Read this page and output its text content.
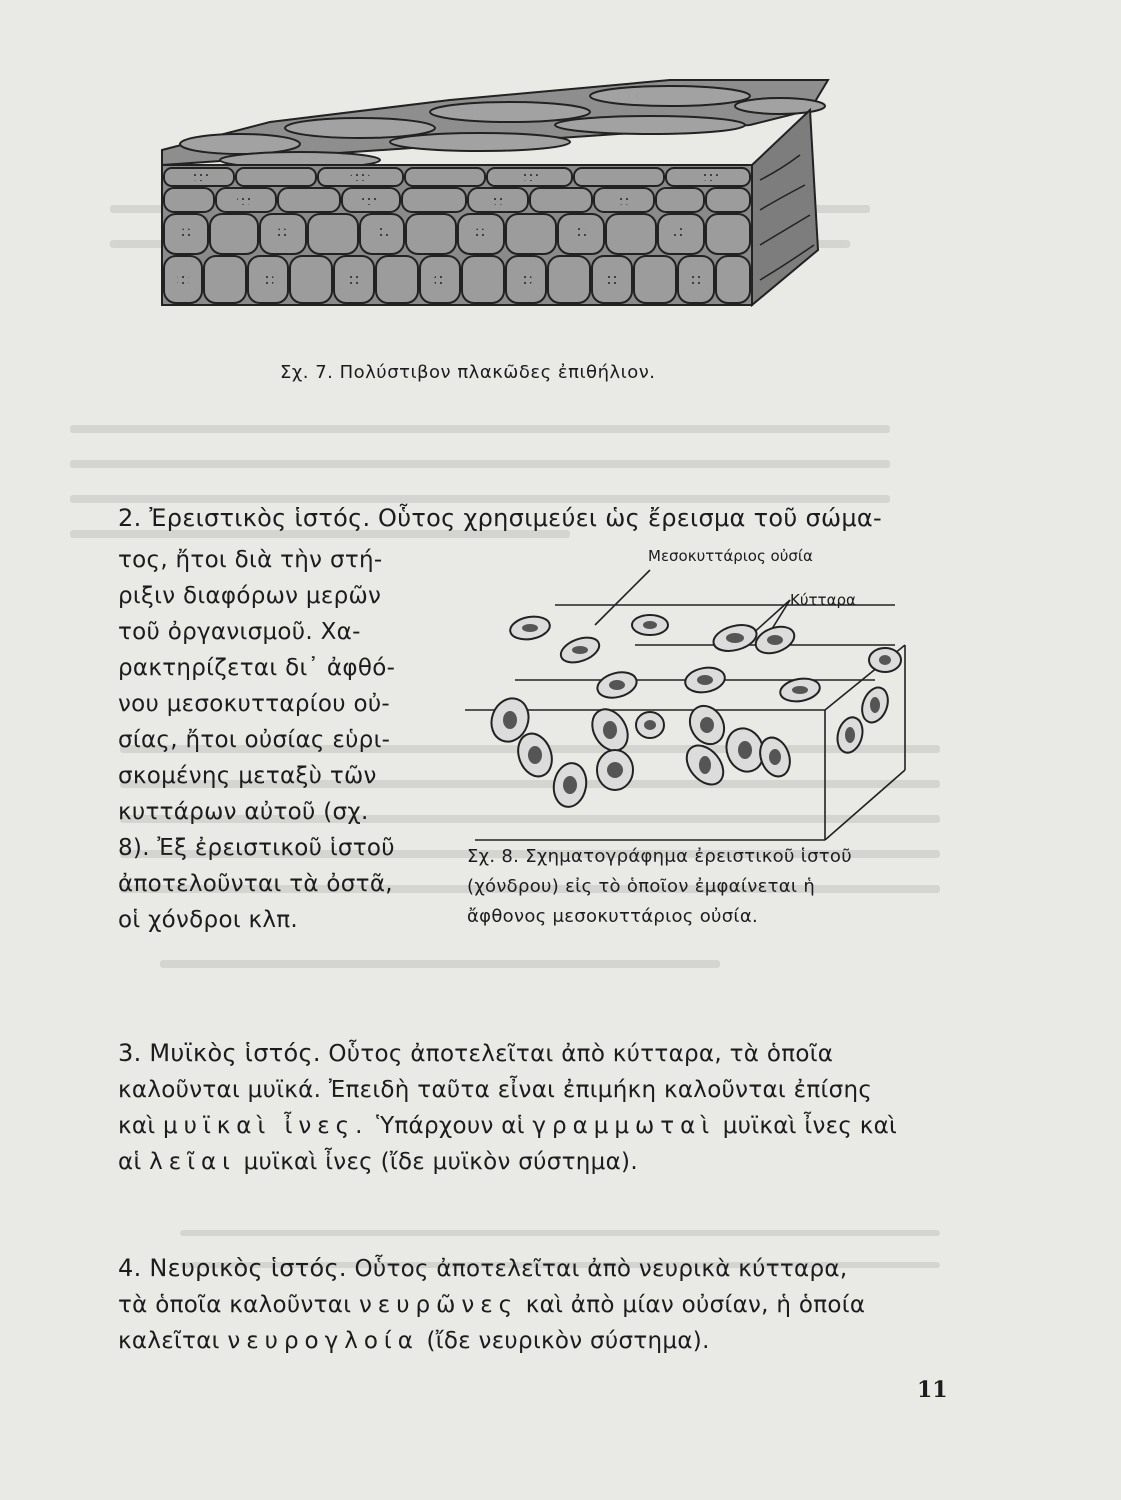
Σχ. 7. Πολύστιβον πλακῶδες ἐπιθήλιον.
2. Ἐρειστικὸς ἱστός. Οὗτος χρησιμεύει ὡς ἔρεισμα τοῦ σώμα-
τος, ἤτοι διὰ τὴν στή-
ριξιν διαφόρων μερῶν
τοῦ ὀργανισμοῦ. Χα-
ρακτηρίζεται δι᾽ ἀφθό-
νου μεσοκυτταρίου οὐ-
σίας, ἤτοι οὐσίας εὑρι-
σκομένης μεταξὺ τῶν
κυττάρων αὐτοῦ (σχ.
8). Ἐξ ἐρειστικοῦ ἱστοῦ
ἀποτελοῦνται τὰ ὀστᾶ,
οἱ χόνδροι κλπ.
Μεσοκυττάριος οὐσία
Κύτταρα
Σχ. 8. Σχηματογράφημα ἐρειστικοῦ ἱστοῦ
(χόνδρου) εἰς τὸ ὁποῖον ἐμφαίνεται ἡ
ἄφθονος μεσοκυττάριος οὐσία.
3. Μυϊκὸς ἱστός. Οὗτος ἀποτελεῖται ἀπὸ κύτταρα, τὰ ὁποῖα
καλοῦνται μυϊκά. Ἐπειδὴ ταῦτα εἶναι ἐπιμήκη καλοῦνται ἐπίσης
καὶ μυϊκαὶ ἶνες. Ὑπάρχουν αἱ γραμμωταὶ μυϊκαὶ ἶνες καὶ
αἱ λεῖαι μυϊκαὶ ἶνες (ἴδε μυϊκὸν σύστημα).
4. Νευρικὸς ἱστός. Οὗτος ἀποτελεῖται ἀπὸ νευρικὰ κύτταρα,
τὰ ὁποῖα καλοῦνται νευρῶνες καὶ ἀπὸ μίαν οὐσίαν, ἡ ὁποία
καλεῖται νευρογλοία (ἴδε νευρικὸν σύστημα).
11
